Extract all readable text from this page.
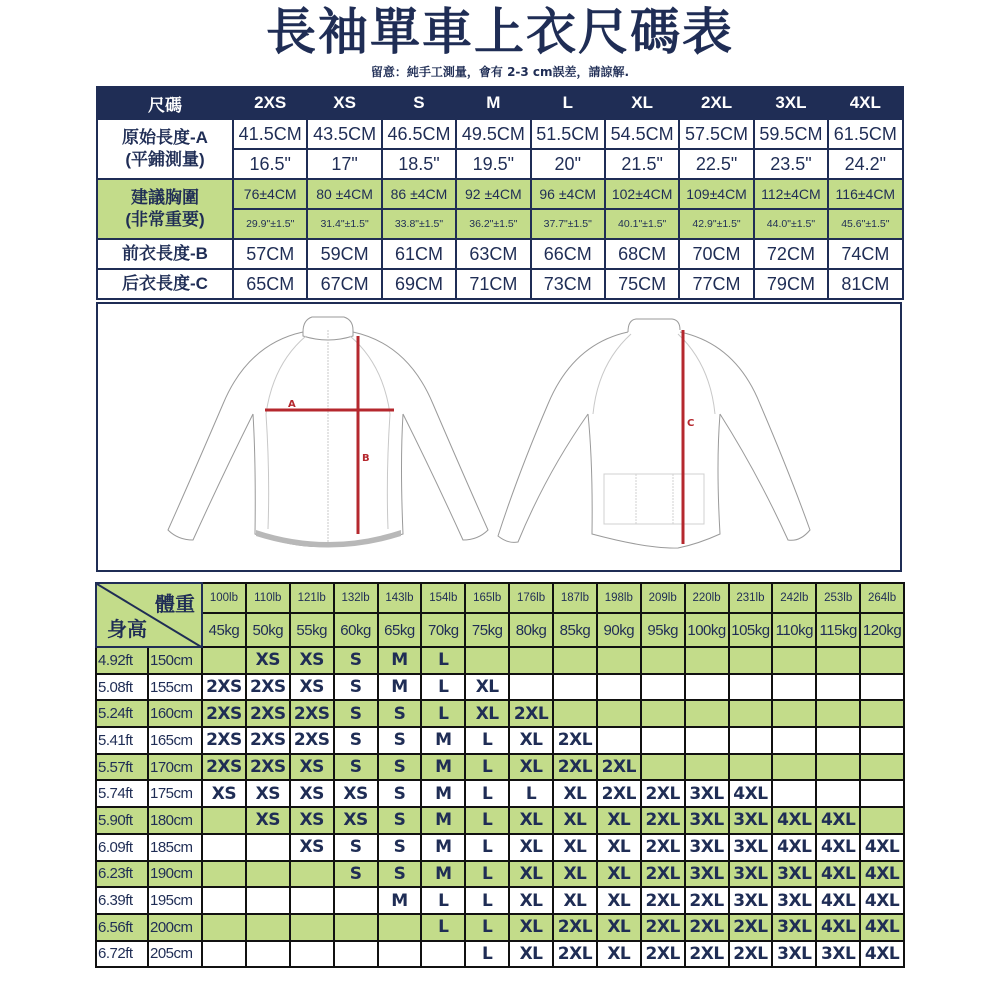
長袖單車上衣尺碼表
留意：純手工測量，會有 2-3 cm誤差，請諒解.
尺碼	2XS	XS	S	M	L	XL	2XL	3XL	4XL

原始長度-A
(平鋪測量)	41.5CM	43.5CM	46.5CM	49.5CM	51.5CM	54.5CM	57.5CM	59.5CM	61.5CM
	16.5"	17"	18.5"	19.5"	20"	21.5"	22.5"	23.5"	24.2"

建議胸圍
(非常重要)	76±4CM	80 ±4CM	86 ±4CM	92 ±4CM	96 ±4CM	102±4CM	109±4CM	112±4CM	116±4CM
	29.9"±1.5"	31.4"±1.5"	33.8"±1.5"	36.2"±1.5"	37.7"±1.5"	40.1"±1.5"	42.9"±1.5"	44.0"±1.5"	45.6"±1.5"
前衣長度-B	57CM	59CM	61CM	63CM	66CM	68CM	70CM	72CM	74CM
后衣長度-C	65CM	67CM	69CM	71CM	73CM	75CM	77CM	79CM	81CM
A
B
C
體重
身高		100lb	110lb	121lb	132lb	143lb	154lb	165lb	176lb	187lb	198lb	209lb	220lb	231lb	242lb	253lb	264lb
		45kg	50kg	55kg	60kg	65kg	70kg	75kg	80kg	85kg	90kg	95kg	100kg	105kg	110kg	115kg	120kg
4.92ft	150cm		XS	XS	S	M	L										
5.08ft	155cm	2XS	2XS	XS	S	M	L	XL									
5.24ft	160cm	2XS	2XS	2XS	S	S	L	XL	2XL								
5.41ft	165cm	2XS	2XS	2XS	S	S	M	L	XL	2XL							
5.57ft	170cm	2XS	2XS	XS	S	S	M	L	XL	2XL	2XL						
5.74ft	175cm	XS	XS	XS	XS	S	M	L	L	XL	2XL	2XL	3XL	4XL			
5.90ft	180cm		XS	XS	XS	S	M	L	XL	XL	XL	2XL	3XL	3XL	4XL	4XL	
6.09ft	185cm			XS	S	S	M	L	XL	XL	XL	2XL	3XL	3XL	4XL	4XL	4XL
6.23ft	190cm				S	S	M	L	XL	XL	XL	2XL	3XL	3XL	3XL	4XL	4XL
6.39ft	195cm					M	L	L	XL	XL	XL	2XL	2XL	3XL	3XL	4XL	4XL
6.56ft	200cm						L	L	XL	2XL	XL	2XL	2XL	2XL	3XL	4XL	4XL
6.72ft	205cm							L	XL	2XL	XL	2XL	2XL	2XL	3XL	3XL	4XL
